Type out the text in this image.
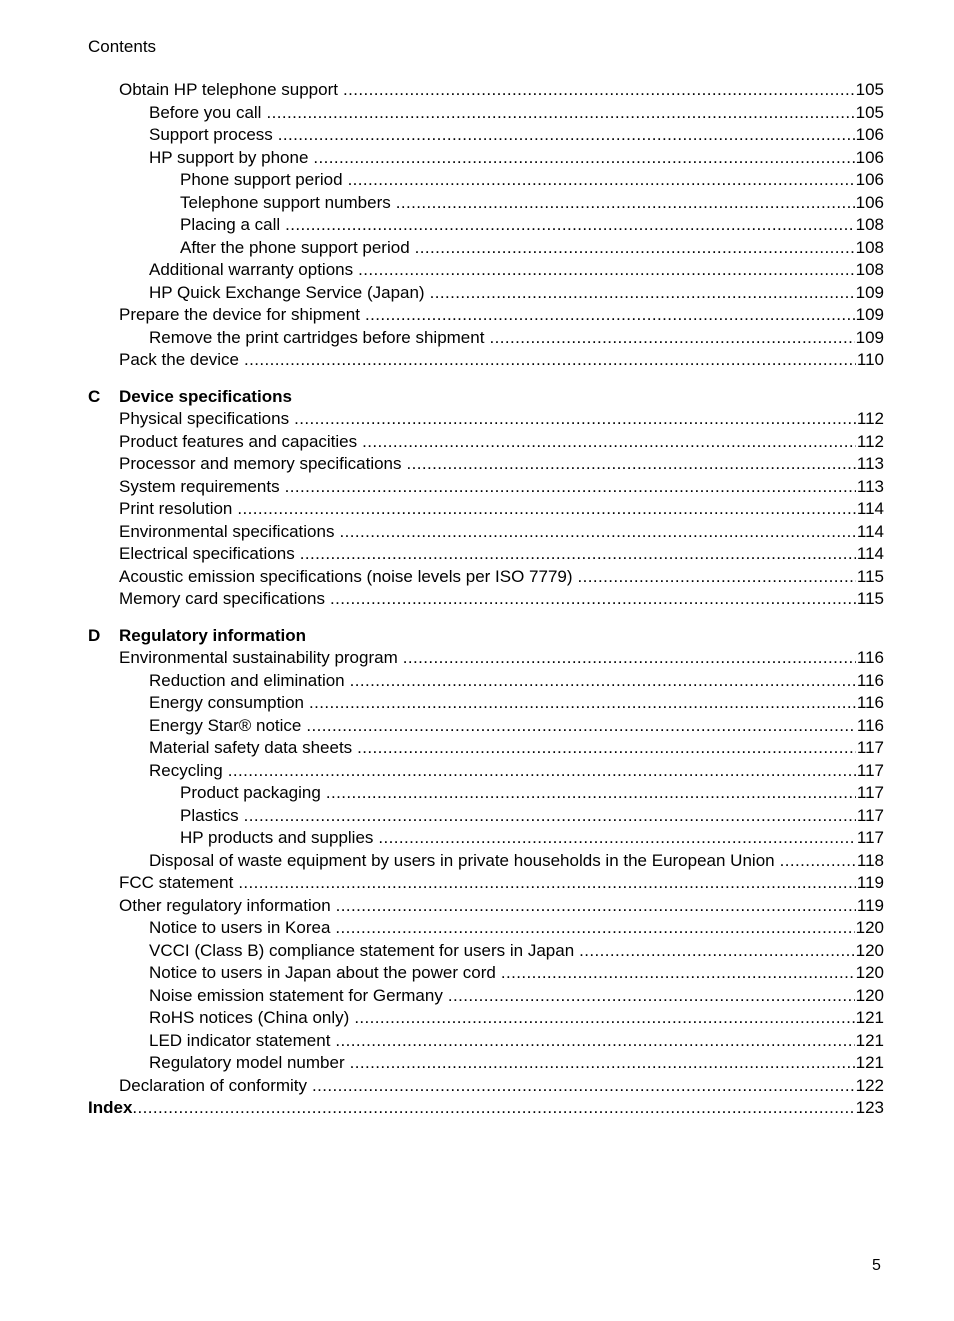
Contents
Obtain HP telephone support .....	105
Before you call .....	105
Support process .....	106
HP support by phone .....	106
Phone support period .....	106
Telephone support numbers .....	106
Placing a call .....	108
After the phone support period .....	108
Additional warranty options .....	108
HP Quick Exchange Service (Japan) .....	109
Prepare the device for shipment .....	109
Remove the print cartridges before shipment .....	109
Pack the device .....	110
C	Device specifications
Physical specifications .....	112
Product features and capacities .....	112
Processor and memory specifications .....	113
System requirements .....	113
Print resolution .....	114
Environmental specifications .....	114
Electrical specifications .....	114
Acoustic emission specifications (noise levels per ISO 7779) .....	115
Memory card specifications .....	115
D	Regulatory information
Environmental sustainability program .....	116
Reduction and elimination .....	116
Energy consumption .....	116
Energy Star® notice .....	116
Material safety data sheets .....	117
Recycling .....	117
Product packaging .....	117
Plastics .....	117
HP products and supplies .....	117
Disposal of waste equipment by users in private households in the European Union .....	118
FCC statement .....	119
Other regulatory information .....	119
Notice to users in Korea .....	120
VCCI (Class B) compliance statement for users in Japan .....	120
Notice to users in Japan about the power cord .....	120
Noise emission statement for Germany .....	120
RoHS notices (China only) .....	121
LED indicator statement .....	121
Regulatory model number .....	121
Declaration of conformity .....	122
Index .....	123
5
